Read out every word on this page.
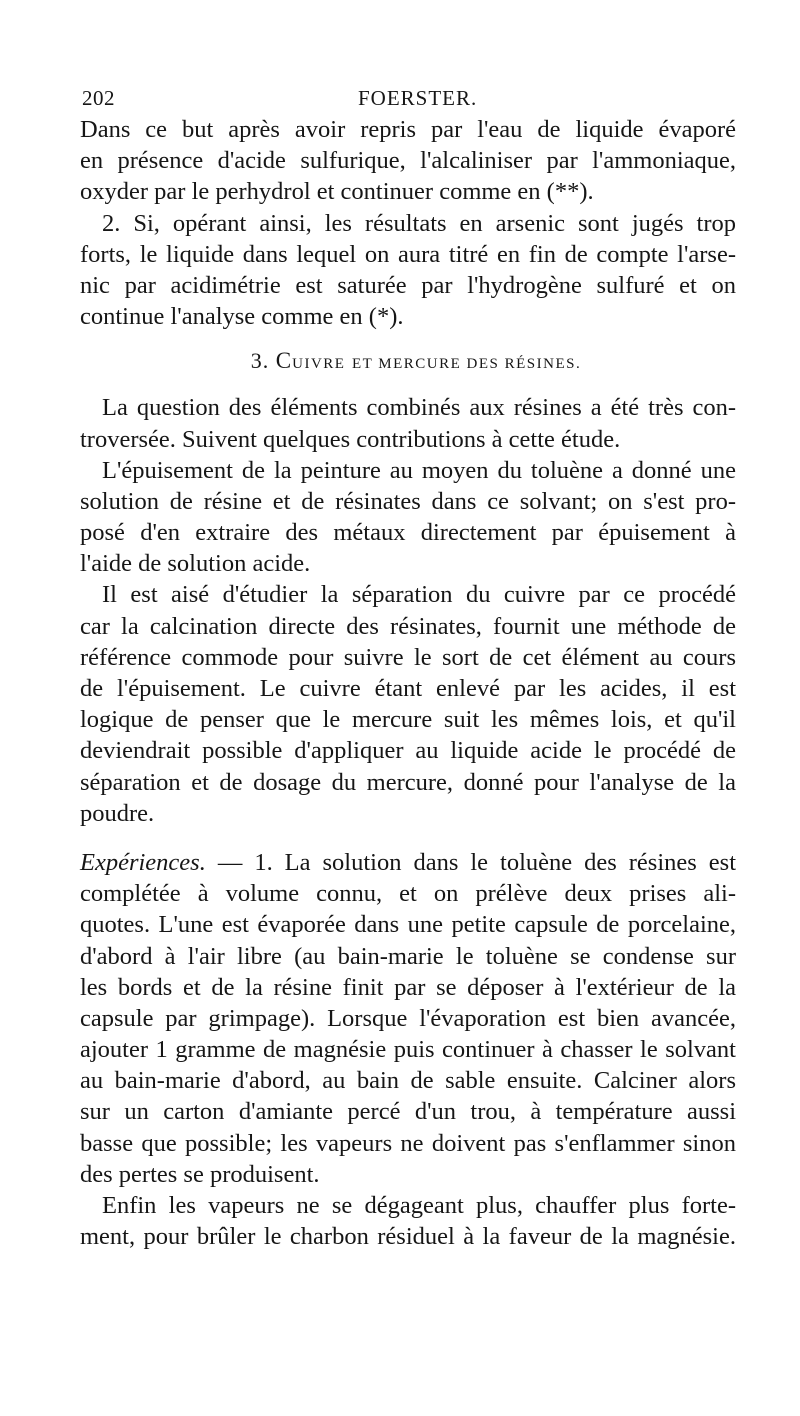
202	FOERSTER.
Dans ce but après avoir repris par l'eau de liquide évaporé
en présence d'acide sulfurique, l'alcaliniser par l'ammoniaque,
oxyder par le perhydrol et continuer comme en (**).
2. Si, opérant ainsi, les résultats en arsenic sont jugés trop
forts, le liquide dans lequel on aura titré en fin de compte l'arse-
nic par acidimétrie est saturée par l'hydrogène sulfuré et on
continue l'analyse comme en (*).
3. CUIVRE ET MERCURE DES RÉSINES.
La question des éléments combinés aux résines a été très con-
troversée. Suivent quelques contributions à cette étude.
L'épuisement de la peinture au moyen du toluène a donné une
solution de résine et de résinates dans ce solvant; on s'est pro-
posé d'en extraire des métaux directement par épuisement à
l'aide de solution acide.
Il est aisé d'étudier la séparation du cuivre par ce procédé
car la calcination directe des résinates, fournit une méthode de
référence commode pour suivre le sort de cet élément au cours
de l'épuisement. Le cuivre étant enlevé par les acides, il est
logique de penser que le mercure suit les mêmes lois, et qu'il
deviendrait possible d'appliquer au liquide acide le procédé de
séparation et de dosage du mercure, donné pour l'analyse de la
poudre.
Expériences. — 1. La solution dans le toluène des résines est
complétée à volume connu, et on prélève deux prises ali-
quotes. L'une est évaporée dans une petite capsule de porcelaine,
d'abord à l'air libre (au bain-marie le toluène se condense sur
les bords et de la résine finit par se déposer à l'extérieur de la
capsule par grimpage). Lorsque l'évaporation est bien avancée,
ajouter 1 gramme de magnésie puis continuer à chasser le solvant
au bain-marie d'abord, au bain de sable ensuite. Calciner alors
sur un carton d'amiante percé d'un trou, à température aussi
basse que possible; les vapeurs ne doivent pas s'enflammer sinon
des pertes se produisent.
Enfin les vapeurs ne se dégageant plus, chauffer plus forte-
ment, pour brûler le charbon résiduel à la faveur de la magnésie.
